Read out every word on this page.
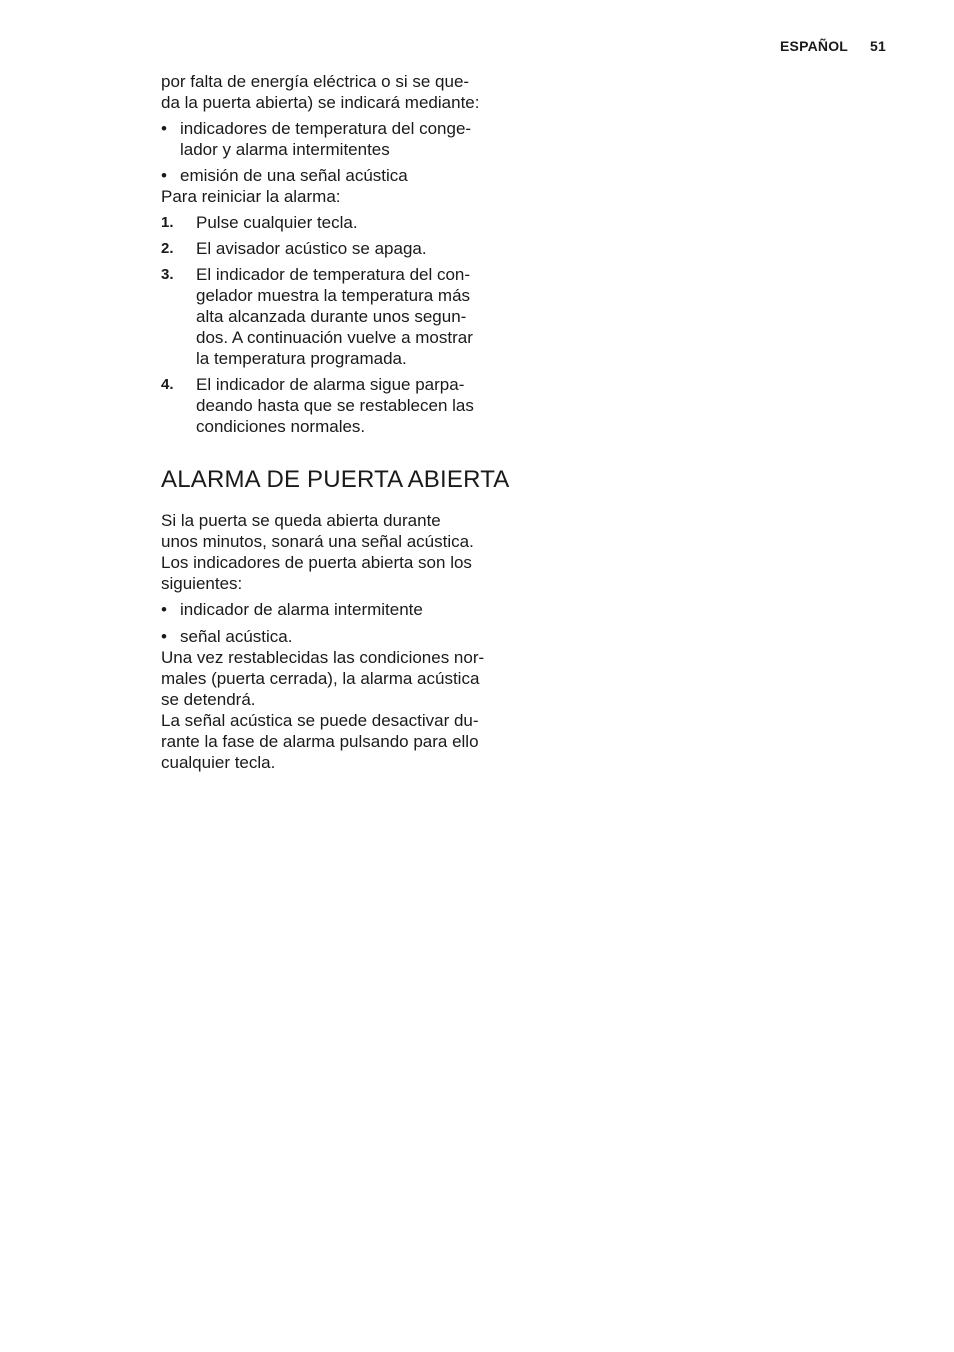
ESPAÑOL 51

por falta de energía eléctrica o si se que-
da la puerta abierta) se indicará mediante:

• indicadores de temperatura del conge-
lador y alarma intermitentes
• emisión de una señal acústica

Para reiniciar la alarma:

1. Pulse cualquier tecla.
2. El avisador acústico se apaga.
3. El indicador de temperatura del con-
gelador muestra la temperatura más
alta alcanzada durante unos segun-
dos. A continuación vuelve a mostrar
la temperatura programada.
4. El indicador de alarma sigue parpa-
deando hasta que se restablecen las
condiciones normales.
ALARMA DE PUERTA ABIERTA

Si la puerta se queda abierta durante
unos minutos, sonará una señal acústica.
Los indicadores de puerta abierta son los
siguientes:

• indicador de alarma intermitente
• señal acústica.

Una vez restablecidas las condiciones nor-
males (puerta cerrada), la alarma acústica
se detendrá.

La señal acústica se puede desactivar du-
rante la fase de alarma pulsando para ello
cualquier tecla.
